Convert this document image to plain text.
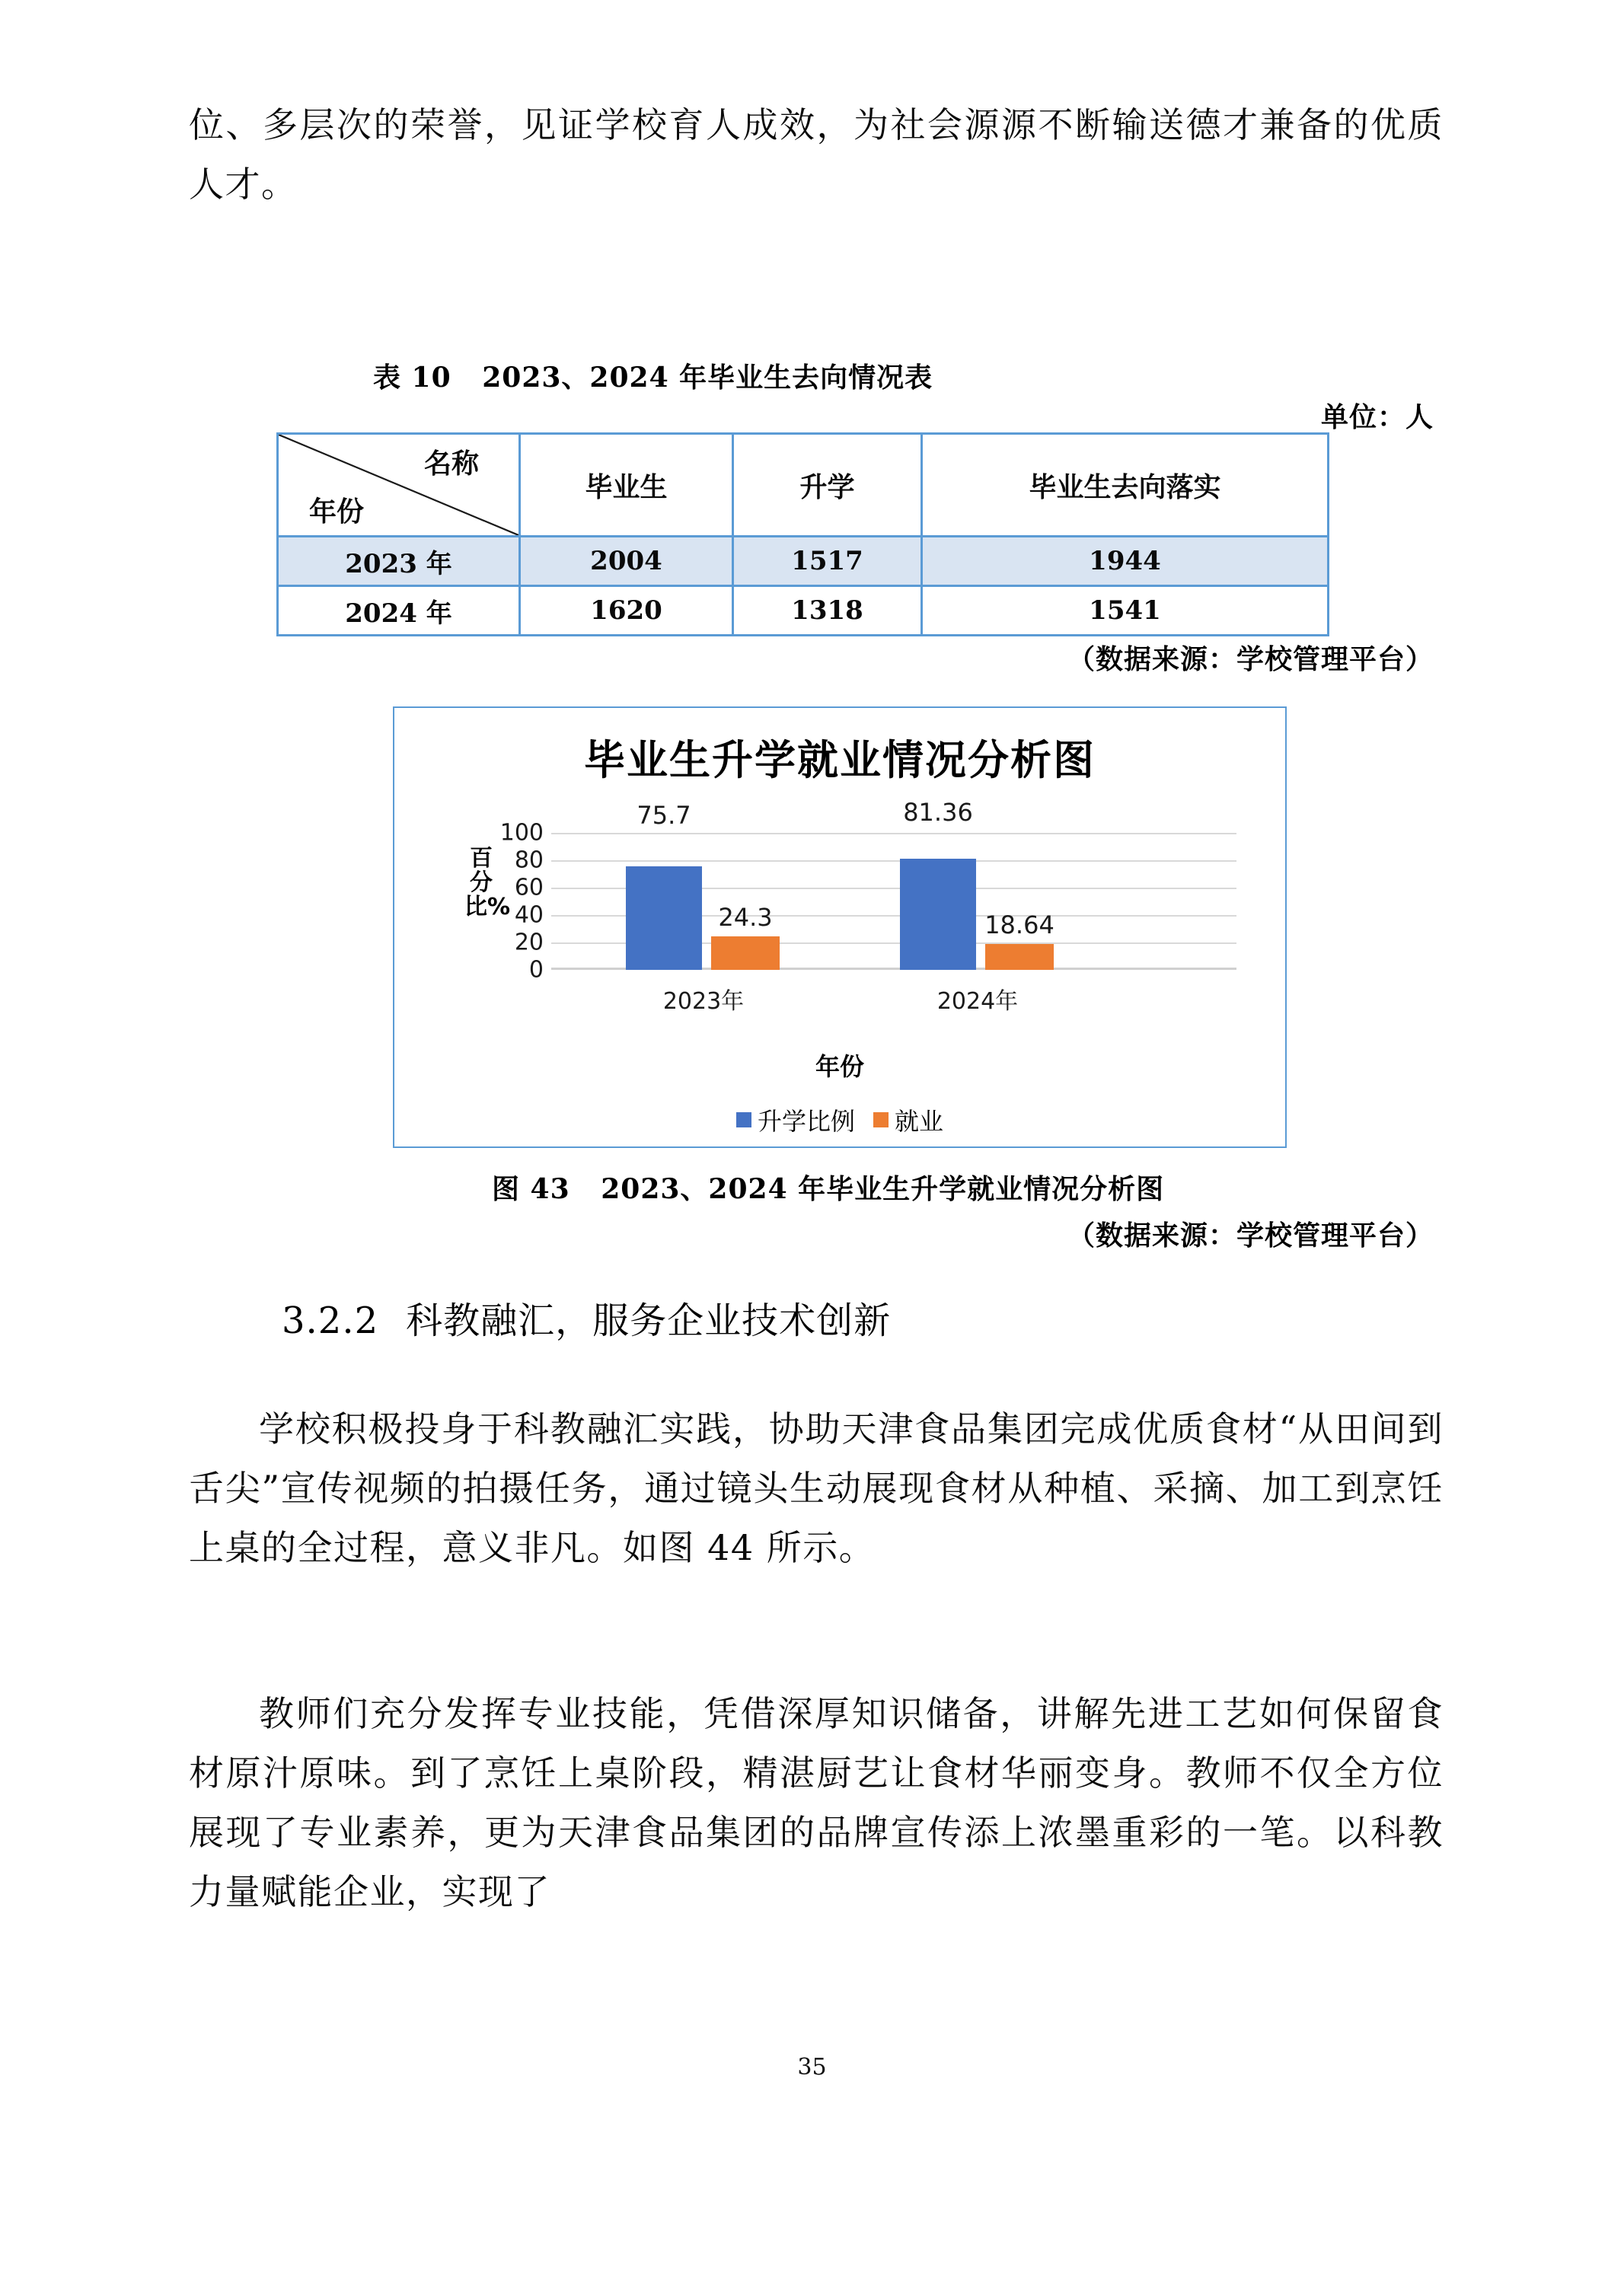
位、多层次的荣誉，见证学校育人成效，为社会源源不断输送德才兼备的优质人才。
表 10   2023、2024 年毕业生去向情况表
单位：人
名称
年份	毕业生	升学	毕业生去向落实
2023 年	2004	1517	1944
2024 年	1620	1318	1541
（数据来源：学校管理平台）
毕业生升学就业情况分析图
百分比%
100
80
60
40
20
0
75.7
24.3
81.36
18.64
2023年	2024年
年份
升学比例 就业
图 43   2023、2024 年毕业生升学就业情况分析图
（数据来源：学校管理平台）
3.2.2 科教融汇，服务企业技术创新
学校积极投身于科教融汇实践，协助天津食品集团完成优质食材“从田间到舌尖”宣传视频的拍摄任务，通过镜头生动展现食材从种植、采摘、加工到烹饪上桌的全过程，意义非凡。如图 44 所示。
教师们充分发挥专业技能，凭借深厚知识储备，讲解先进工艺如何保留食材原汁原味。到了烹饪上桌阶段，精湛厨艺让食材华丽变身。教师不仅全方位展现了专业素养，更为天津食品集团的品牌宣传添上浓墨重彩的一笔。以科教力量赋能企业，实现了
35
